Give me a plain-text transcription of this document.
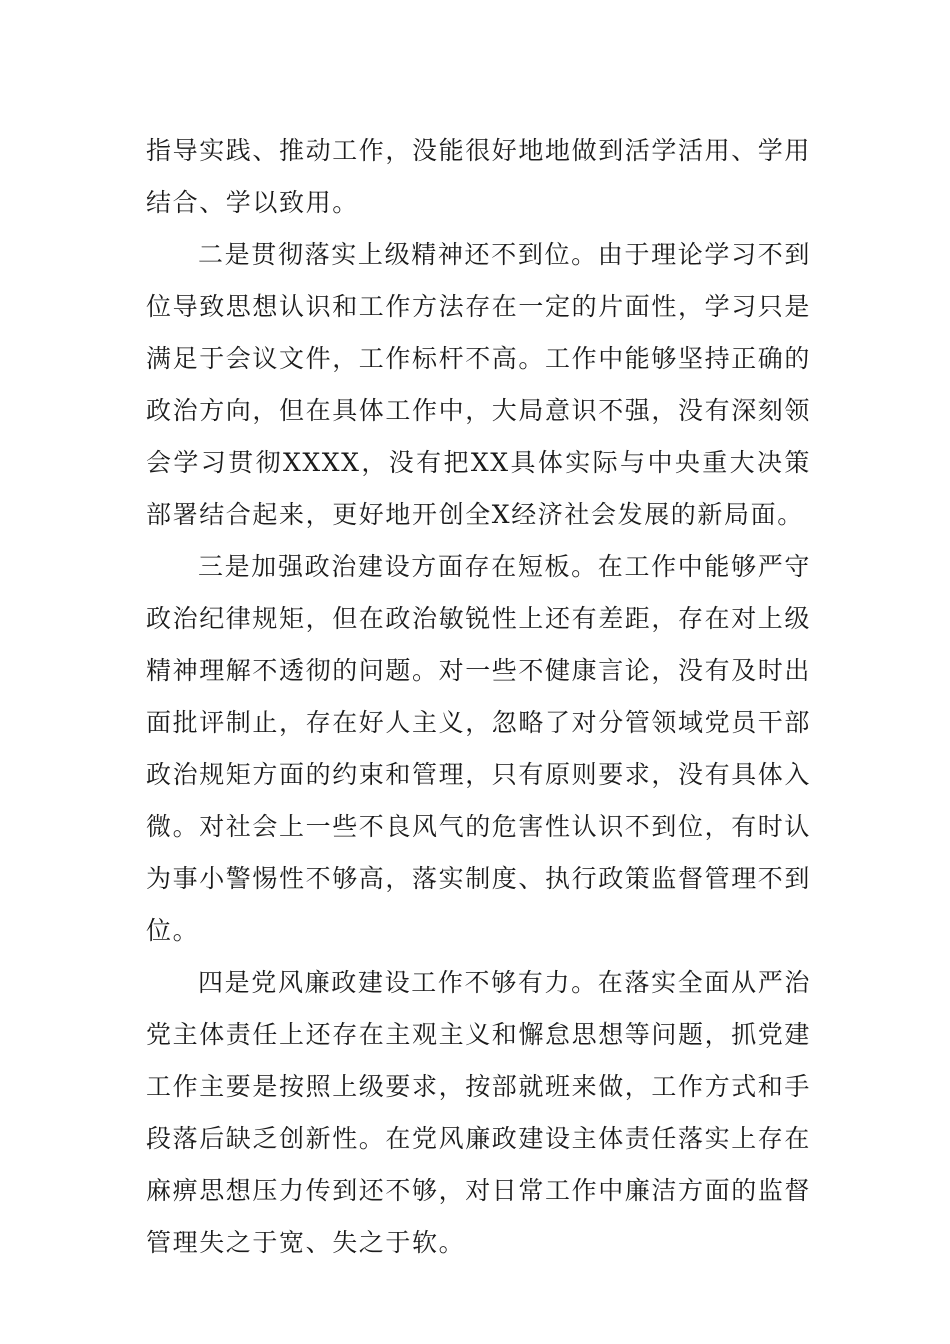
指导实践、推动工作，没能很好地地做到活学活用、学用结合、学以致用。

二是贯彻落实上级精神还不到位。由于理论学习不到位导致思想认识和工作方法存在一定的片面性，学习只是满足于会议文件，工作标杆不高。工作中能够坚持正确的政治方向，但在具体工作中，大局意识不强，没有深刻领会学习贯彻XXXX，没有把XX具体实际与中央重大决策部署结合起来，更好地开创全X经济社会发展的新局面。

三是加强政治建设方面存在短板。在工作中能够严守政治纪律规矩，但在政治敏锐性上还有差距，存在对上级精神理解不透彻的问题。对一些不健康言论，没有及时出面批评制止，存在好人主义，忽略了对分管领域党员干部政治规矩方面的约束和管理，只有原则要求，没有具体入微。对社会上一些不良风气的危害性认识不到位，有时认为事小警惕性不够高，落实制度、执行政策监督管理不到位。

四是党风廉政建设工作不够有力。在落实全面从严治党主体责任上还存在主观主义和懈怠思想等问题，抓党建工作主要是按照上级要求，按部就班来做，工作方式和手段落后缺乏创新性。在党风廉政建设主体责任落实上存在麻痹思想压力传到还不够，对日常工作中廉洁方面的监督管理失之于宽、失之于软。
